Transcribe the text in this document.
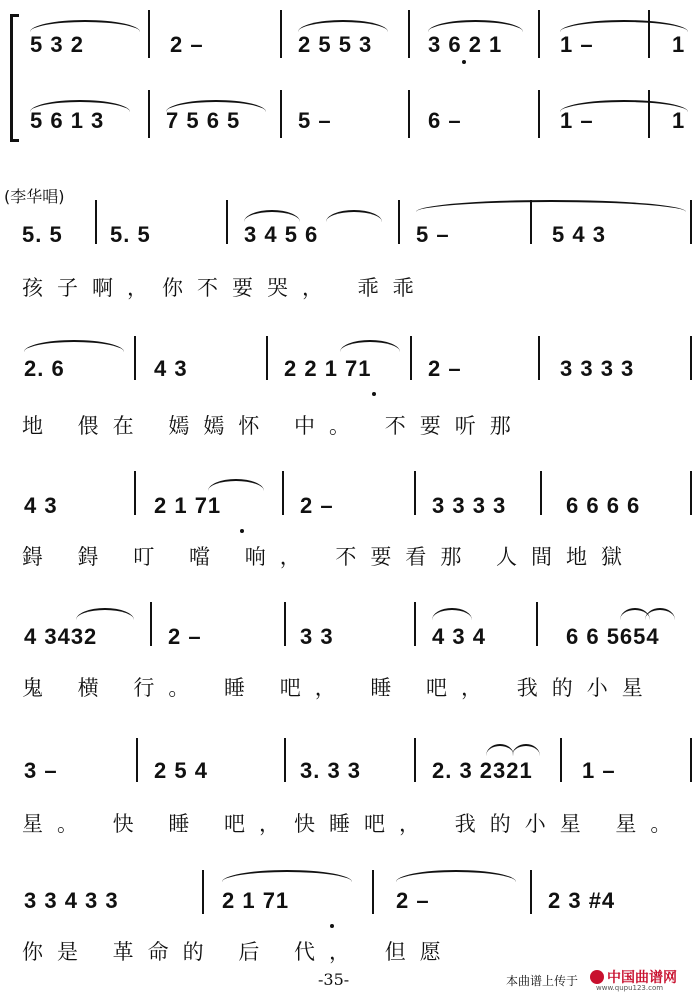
5 3 2	2 –	2 5 5 3	3 6 2 1	1 –	1
5 6 1 3	7 5 6 5	5 –	6 –	1 –	1
(李华唱)
5. 5 5. 5	3 4 5 6	5 –	5 4 3
孩子啊，你不要哭， 乖乖
2. 6	4 3	2 2 1 71	2 –	3 3 3 3
地 偎在 嫣嫣怀 中。 不要听那
4 3	2 1 71	2 –	3 3 3 3	6 6 6 6
鍀 鍀 叮 噹 响， 不要看那 人間地獄
4 3432	2 –	3 3	4 3 4	6 6 5654
鬼 横 行。 睡 吧， 睡 吧， 我的小星
3 –	2 5 4	3. 3 3	2. 3 2321 1 –
星。 快 睡 吧，快睡吧， 我的小星 星。
3 3 4 3 3	2 1 71	2 –	2 3 #4
你是 革命的 后 代， 但愿
-35-	本曲谱上传于 中国曲谱网
www.qupu123.com
